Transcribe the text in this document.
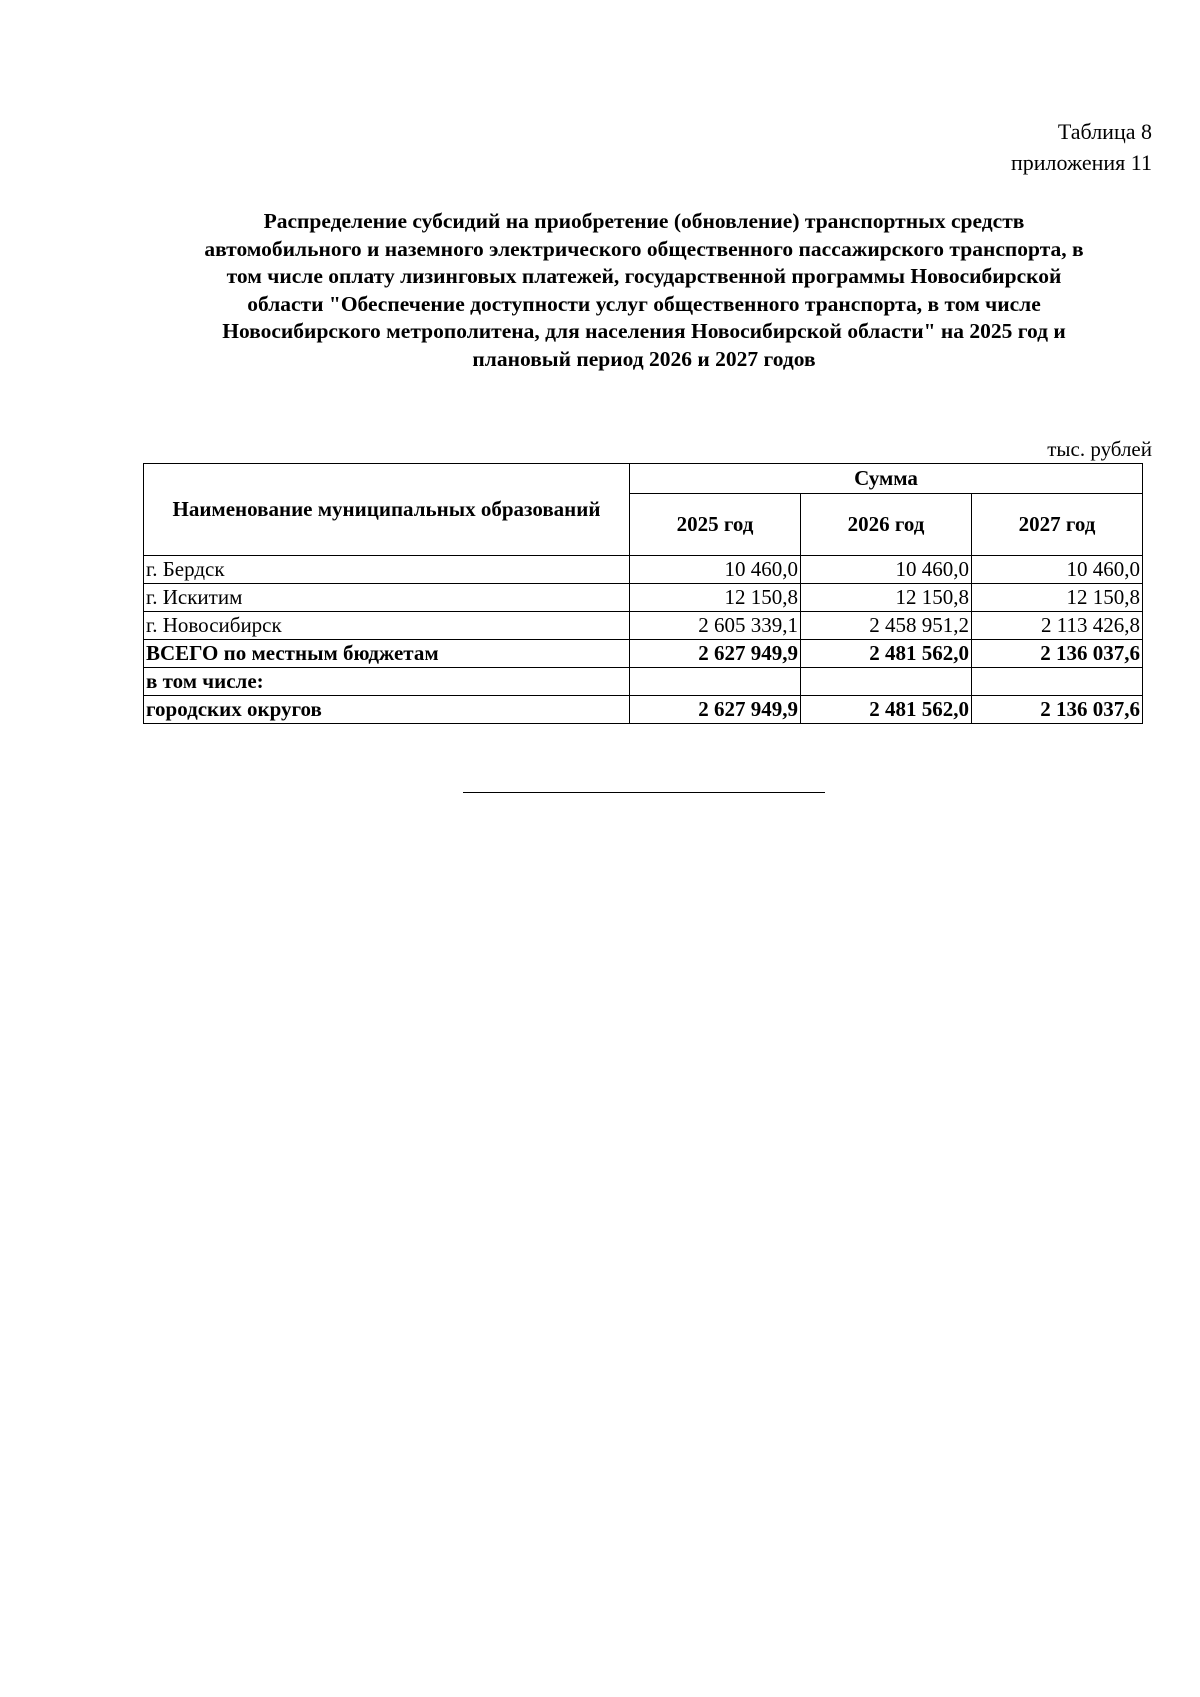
Таблица 8
приложения 11
Распределение субсидий на приобретение (обновление) транспортных средств
автомобильного и наземного электрического общественного пассажирского транспорта, в
том числе оплату лизинговых платежей, государственной программы Новосибирской
области "Обеспечение доступности услуг общественного транспорта, в том числе
Новосибирского метрополитена, для населения Новосибирской области" на 2025 год и
плановый период 2026 и 2027 годов
тыс. рублей
Наименование муниципальных образований	Сумма		
	2025 год	2026 год	2027 год
г. Бердск	10 460,0	10 460,0	10 460,0
г. Искитим	12 150,8	12 150,8	12 150,8
г. Новосибирск	2 605 339,1	2 458 951,2	2 113 426,8
ВСЕГО по местным бюджетам	2 627 949,9	2 481 562,0	2 136 037,6
в том числе:			
городских округов	2 627 949,9	2 481 562,0	2 136 037,6
